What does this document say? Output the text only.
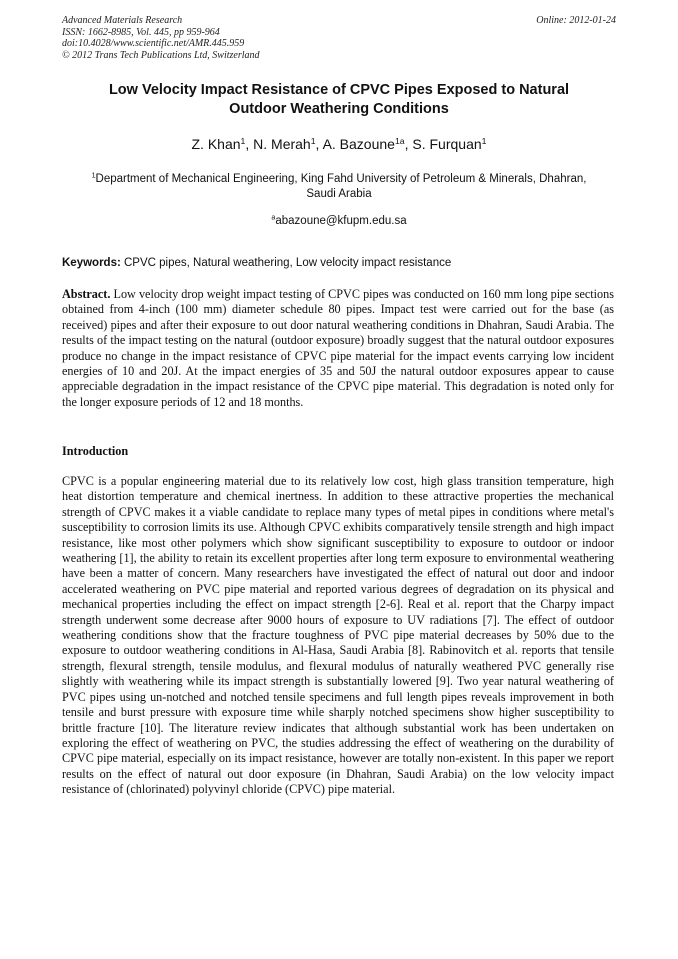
Advanced Materials Research
ISSN: 1662-8985, Vol. 445, pp 959-964
doi:10.4028/www.scientific.net/AMR.445.959
© 2012 Trans Tech Publications Ltd, Switzerland
Online: 2012-01-24
Low Velocity Impact Resistance of CPVC Pipes Exposed to Natural
Outdoor Weathering Conditions
Z. Khan$^1$, N. Merah$^1$, A. Bazoune$^{1a}$, S. Furquan$^1$
$^1$Department of Mechanical Engineering, King Fahd University of Petroleum & Minerals, Dhahran,
Saudi Arabia
$^a$abazoune@kfupm.edu.sa
Keywords: CPVC pipes, Natural weathering, Low velocity impact resistance

Abstract. Low velocity drop weight impact testing of CPVC pipes was conducted on 160 mm long pipe sections obtained from 4-inch (100 mm) diameter schedule 80 pipes. Impact test were carried out for the base (as received) pipes and after their exposure to out door natural weathering conditions in Dhahran, Saudi Arabia. The results of the impact testing on the natural (outdoor exposure) broadly suggest that the natural outdoor exposures produce no change in the impact resistance of CPVC pipe material for the impact events carrying low incident energies of 10 and 20J. At the impact energies of 35 and 50J the natural outdoor exposures appear to cause appreciable degradation in the impact resistance of the CPVC pipe material. This degradation is noted only for the longer exposure periods of 12 and 18 months.

Introduction

CPVC is a popular engineering material due to its relatively low cost, high glass transition temperature, high heat distortion temperature and chemical inertness. In addition to these attractive properties the mechanical strength of CPVC makes it a viable candidate to replace many types of metal pipes in conditions where metal's susceptibility to corrosion limits its use. Although CPVC exhibits comparatively tensile strength and high impact resistance, like most other polymers which show significant susceptibility to exposure to outdoor or indoor weathering [1], the ability to retain its excellent properties after long term exposure to environmental weathering have been a matter of concern. Many researchers have investigated the effect of natural out door and indoor accelerated weathering on PVC pipe material and reported various degrees of degradation on its physical and mechanical properties including the effect on impact strength [2-6]. Real et al. report that the Charpy impact strength underwent some decrease after 9000 hours of exposure to UV radiations [7]. The effect of outdoor weathering conditions show that the fracture toughness of PVC pipe material decreases by 50% due to the exposure to outdoor weathering conditions in Al-Hasa, Saudi Arabia [8]. Rabinovitch et al. reports that tensile strength, flexural strength, tensile modulus, and flexural modulus of naturally weathered PVC generally rise slightly with weathering while its impact strength is substantially lowered [9]. Two year natural weathering of PVC pipes using un-notched and notched tensile specimens and full length pipes reveals improvement in both tensile and burst pressure with exposure time while sharply notched specimens show higher susceptibility to brittle fracture [10]. The literature review indicates that although substantial work has been undertaken on exploring the effect of weathering on PVC, the studies addressing the effect of weathering on the durability of CPVC pipe material, especially on its impact resistance, however are totally non-existent. In this paper we report results on the effect of natural out door exposure (in Dhahran, Saudi Arabia) on the low velocity impact resistance of (chlorinated) polyvinyl chloride (CPVC) pipe material.
